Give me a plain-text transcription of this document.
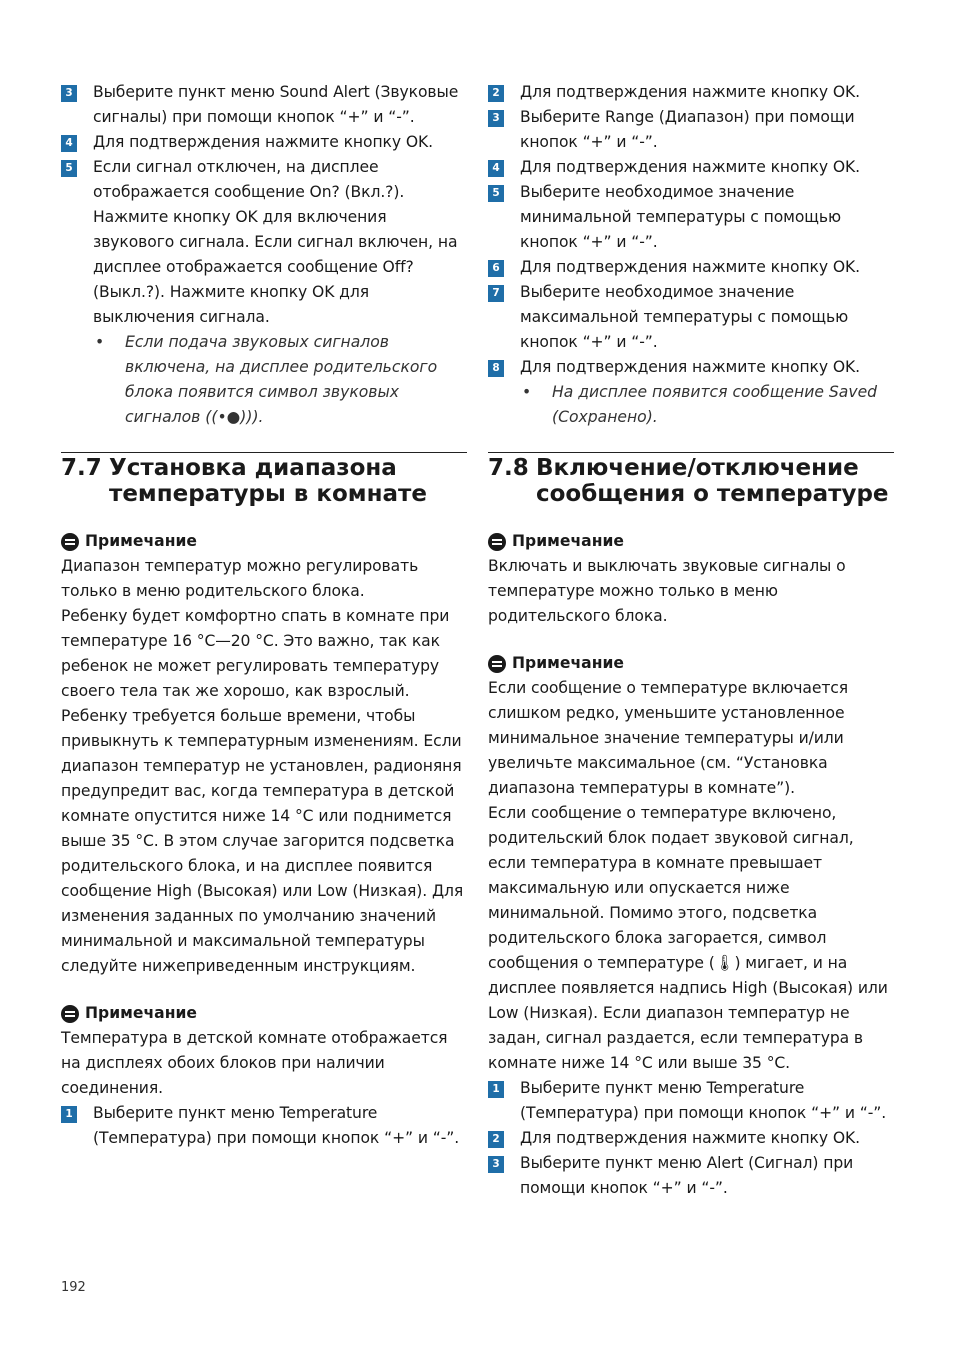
3 Выберите пункт меню Sound Alert (Звуковые сигналы) при помощи кнопок “+” и “-”.
4 Для подтверждения нажмите кнопку OK.
5 Если сигнал отключен, на дисплее отображается сообщение On? (Вкл.?). Нажмите кнопку OK для включения звукового сигнала. Если сигнал включен, на дисплее отображается сообщение Off? (Выкл.?). Нажмите кнопку OK для выключения сигнала.
• Если подача звуковых сигналов включена, на дисплее родительского блока появится символ звуковых сигналов ((•●))).
7.7 Установка диапазона температуры в комнате
Примечание
Диапазон температур можно регулировать только в меню родительского блока.
Ребенку будет комфортно спать в комнате при температуре 16 °C—20 °C. Это важно, так как ребенок не может регулировать температуру своего тела так же хорошо, как взрослый. Ребенку требуется больше времени, чтобы привыкнуть к температурным изменениям. Если диапазон температур не установлен, радионяня предупредит вас, когда температура в детской комнате опустится ниже 14 °C или поднимется выше 35 °C. В этом случае загорится подсветка родительского блока, и на дисплее появится сообщение High (Высокая) или Low (Низкая). Для изменения заданных по умолчанию значений минимальной и максимальной температуры следуйте нижеприведенным инструкциям.
Примечание
Температура в детской комнате отображается на дисплеях обоих блоков при наличии соединения.
1 Выберите пункт меню Temperature (Температура) при помощи кнопок “+” и “-”.
2 Для подтверждения нажмите кнопку OK.
3 Выберите Range (Диапазон) при помощи кнопок “+” и “-”.
4 Для подтверждения нажмите кнопку OK.
5 Выберите необходимое значение минимальной температуры с помощью кнопок “+” и “-”.
6 Для подтверждения нажмите кнопку OK.
7 Выберите необходимое значение максимальной температуры с помощью кнопок “+” и “-”.
8 Для подтверждения нажмите кнопку OK.
• На дисплее появится сообщение Saved (Сохранено).
7.8 Включение/отключение сообщения о температуре
Примечание
Включать и выключать звуковые сигналы о температуре можно только в меню родительского блока.
Примечание
Если сообщение о температуре включается слишком редко, уменьшите установленное минимальное значение температуры и/или увеличьте максимальное (см. “Установка диапазона температуры в комнате”).
Если сообщение о температуре включено, родительский блок подает звуковой сигнал, если температура в комнате превышает максимальную или опускается ниже минимальной. Помимо этого, подсветка родительского блока загорается, символ сообщения о температуре (🌡) мигает, и на дисплее появляется надпись High (Высокая) или Low (Низкая). Если диапазон температур не задан, сигнал раздается, если температура в комнате ниже 14 °C или выше 35 °C.
1 Выберите пункт меню Temperature (Температура) при помощи кнопок “+” и “-”.
2 Для подтверждения нажмите кнопку OK.
3 Выберите пункт меню Alert (Сигнал) при помощи кнопок “+” и “-”.
192
